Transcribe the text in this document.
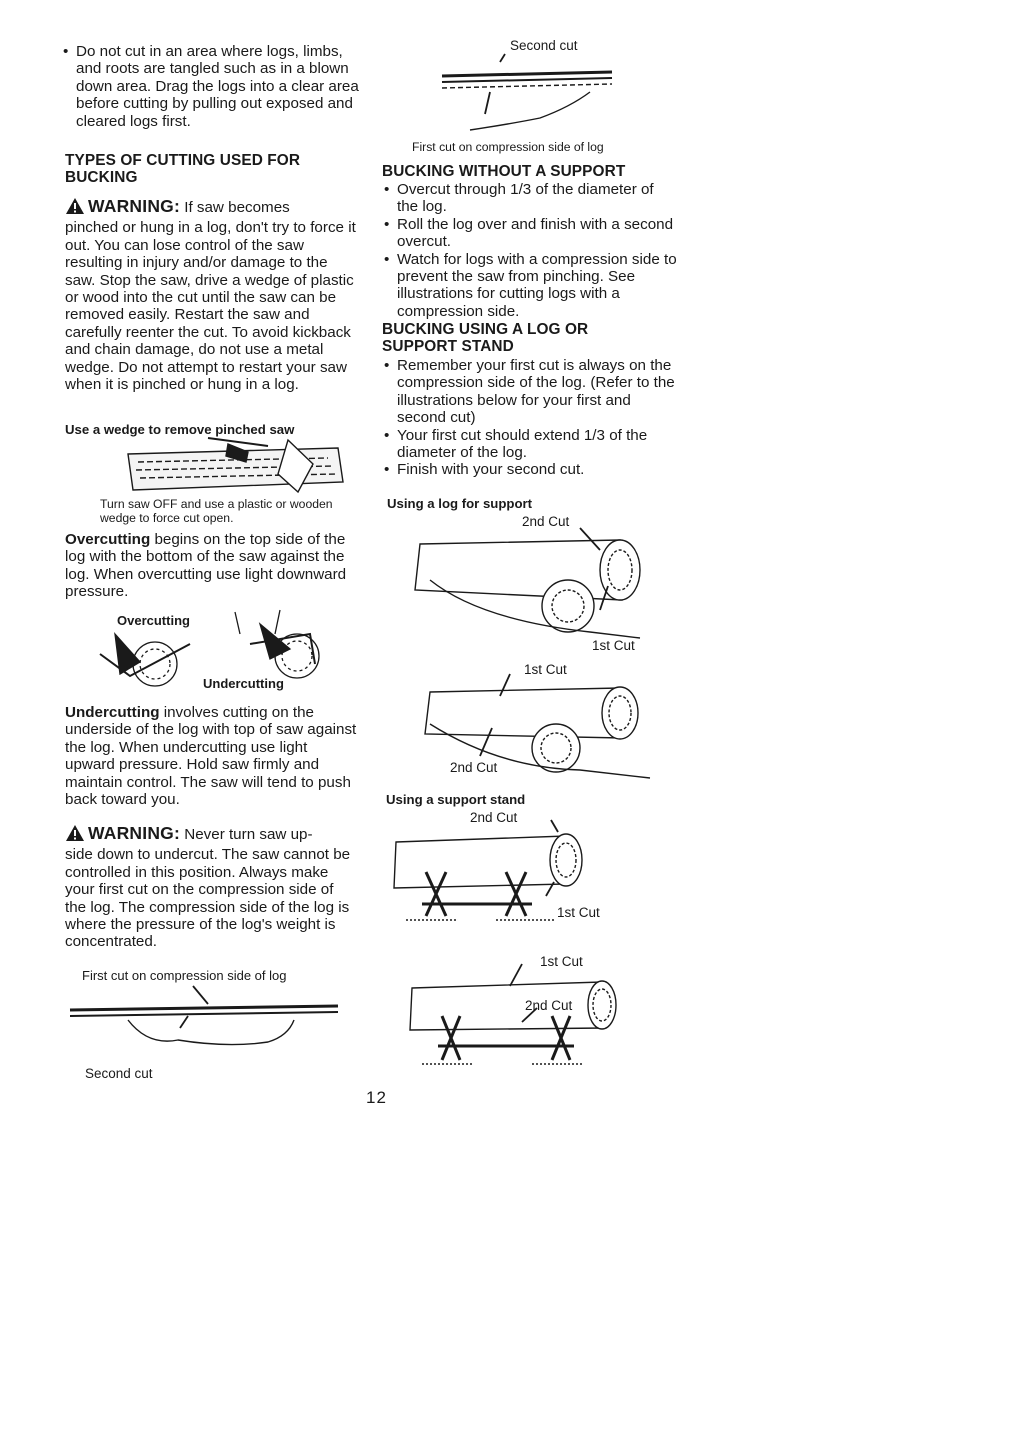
• Do not cut in an area where logs, limbs, and roots are tangled such as in a blown down area. Drag the logs into a clear area before cutting by pulling out exposed and cleared logs first.

TYPES OF CUTTING USED FOR BUCKING
WARNING: If saw becomes

pinched or hung in a log, don't try to force it out. You can lose control of the saw resulting in injury and/or damage to the saw. Stop the saw, drive a wedge of plastic or wood into the cut until the saw can be removed easily. Restart the saw and carefully reenter the cut. To avoid kickback and chain damage, do not use a metal wedge. Do not attempt to restart your saw when it is pinched or hung in a log.

Use a wedge to remove pinched saw

Turn saw OFF and use a plastic or wooden wedge to force cut open.

Overcutting begins on the top side of the log with the bottom of the saw against the log. When overcutting use light downward pressure.

Overcutting
Undercutting

Undercutting involves cutting on the underside of the log with top of saw against the log. When undercutting use light upward pressure. Hold saw firmly and maintain control. The saw will tend to push back toward you.

WARNING: Never turn saw up-

side down to undercut. The saw cannot be controlled in this position. Always make your first cut on the compression side of the log. The compression side of the log is where the pressure of the log's weight is concentrated.

First cut on compression side of log
Second cut
Second cut
First cut on compression side of log
BUCKING WITHOUT A SUPPORT

• Overcut through 1/3 of the diameter of the log.

• Roll the log over and finish with a second overcut.

• Watch for logs with a compression side to prevent the saw from pinching. See illustrations for cutting logs with a compression side.

BUCKING USING A LOG OR SUPPORT STAND

• Remember your first cut is always on the compression side of the log. (Refer to the illustrations below for your first and second cut)

• Your first cut should extend 1/3 of the diameter of the log.

• Finish with your second cut.

Using a log for support
2nd Cut
1st Cut
1st Cut
2nd Cut
Using a support stand
2nd Cut
1st Cut
1st Cut
2nd Cut
12
